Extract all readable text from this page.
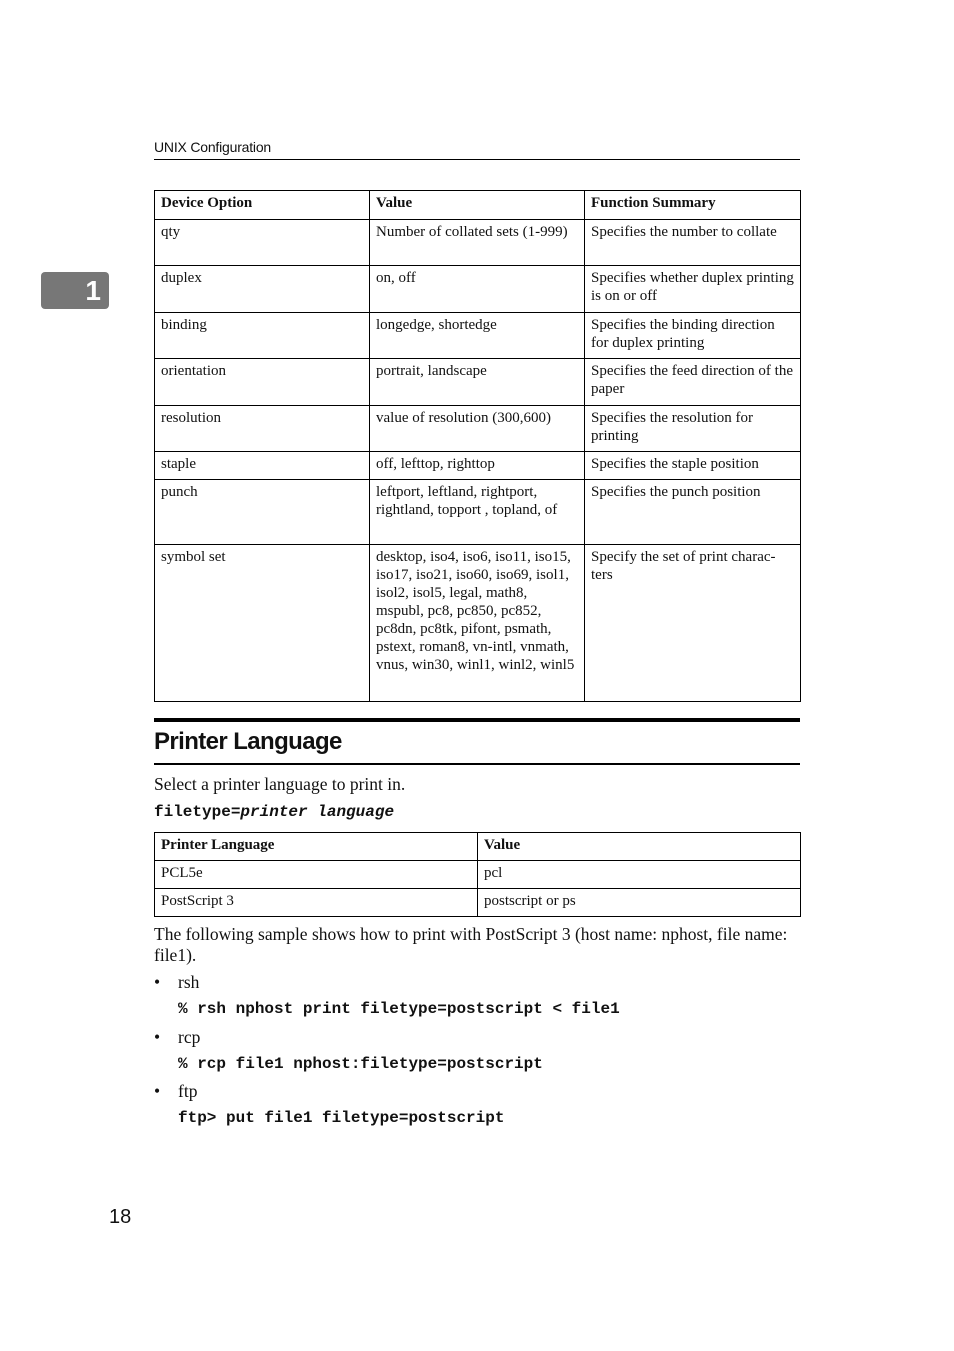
UNIX Configuration
1
Device Option	Value	Function Summary
qty	Number of collated sets (1-999)	Specifies the number to collate
duplex	on, off	Specifies whether duplex printing is on or off
binding	longedge, shortedge	Specifies the binding direction for duplex printing
orientation	portrait, landscape	Specifies the feed direction of the paper
resolution	value of resolution (300,600)	Specifies the resolution for printing
staple	off, lefttop, righttop	Specifies the staple position
punch	leftport, leftland, rightport, rightland, topport , topland, of	Specifies the punch position
symbol set	desktop, iso4, iso6, iso11, iso15, iso17, iso21, iso60, iso69, isol1, isol2, isol5, legal, math8, mspubl, pc8, pc850, pc852, pc8dn, pc8tk, pifont, psmath, pstext, roman8, vn-intl, vnmath, vnus, win30, winl1, winl2, winl5	Specify the set of print charac-ters
Printer Language
Select a printer language to print in.
filetype=printer language
Printer Language	Value
PCL5e	pcl
PostScript 3	postscript or ps
The following sample shows how to print with PostScript 3 (host name: nphost, file name: file1).
• rsh
% rsh nphost print filetype=postscript < file1
• rcp
% rcp file1 nphost:filetype=postscript
• ftp
ftp> put file1 filetype=postscript
18
